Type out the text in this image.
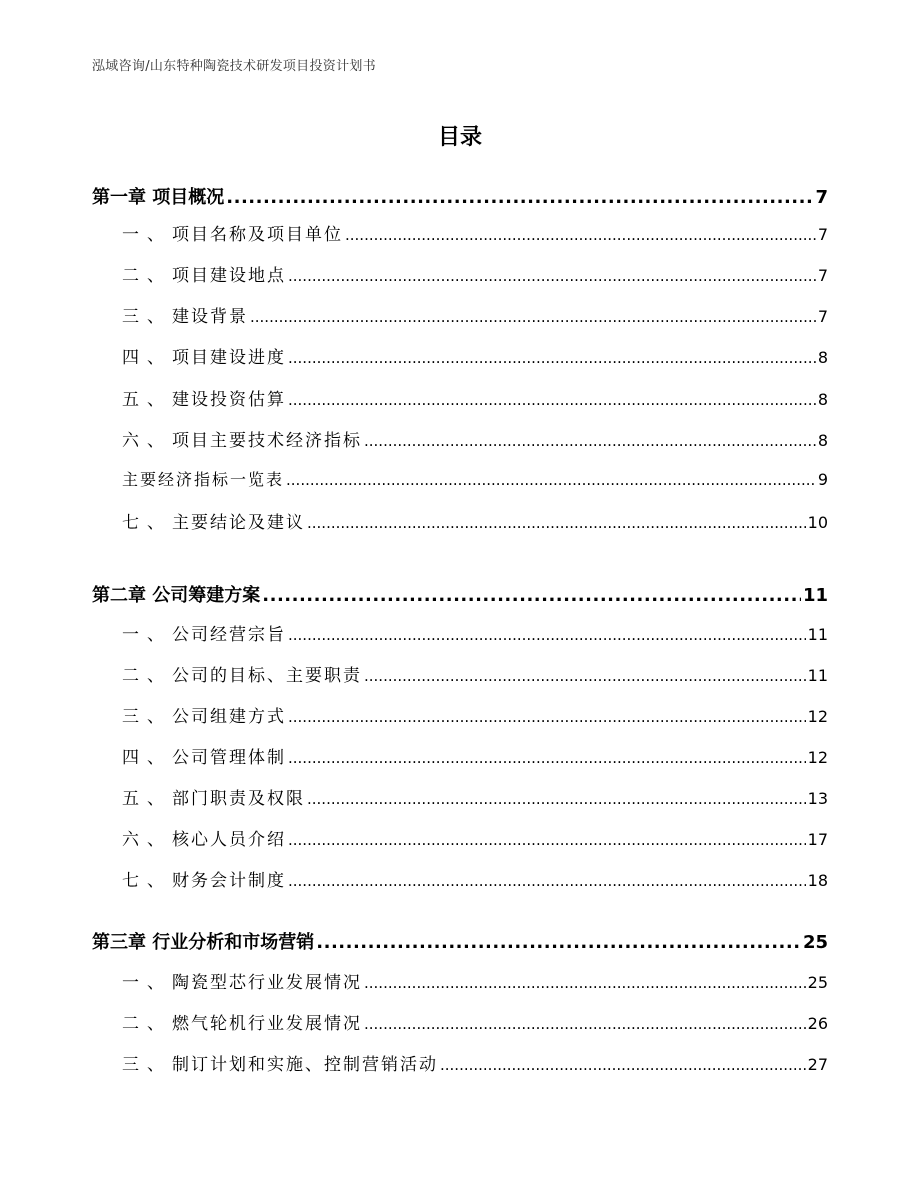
泓域咨询/山东特种陶瓷技术研发项目投资计划书
目录
第一章 项目概况 .....	7
一、项目名称及项目单位 .....	7
二、项目建设地点 .....	7
三、建设背景 .....	7
四、项目建设进度 .....	8
五、建设投资估算 .....	8
六、项目主要技术经济指标 .....	8
主要经济指标一览表 .....	9
七、主要结论及建议 .....	10
第二章 公司筹建方案 .....	11
一、公司经营宗旨 .....	11
二、公司的目标、主要职责 .....	11
三、公司组建方式 .....	12
四、公司管理体制 .....	12
五、部门职责及权限 .....	13
六、核心人员介绍 .....	17
七、财务会计制度 .....	18
第三章 行业分析和市场营销 .....	25
一、陶瓷型芯行业发展情况 .....	25
二、燃气轮机行业发展情况 .....	26
三、制订计划和实施、控制营销活动 .....	27
